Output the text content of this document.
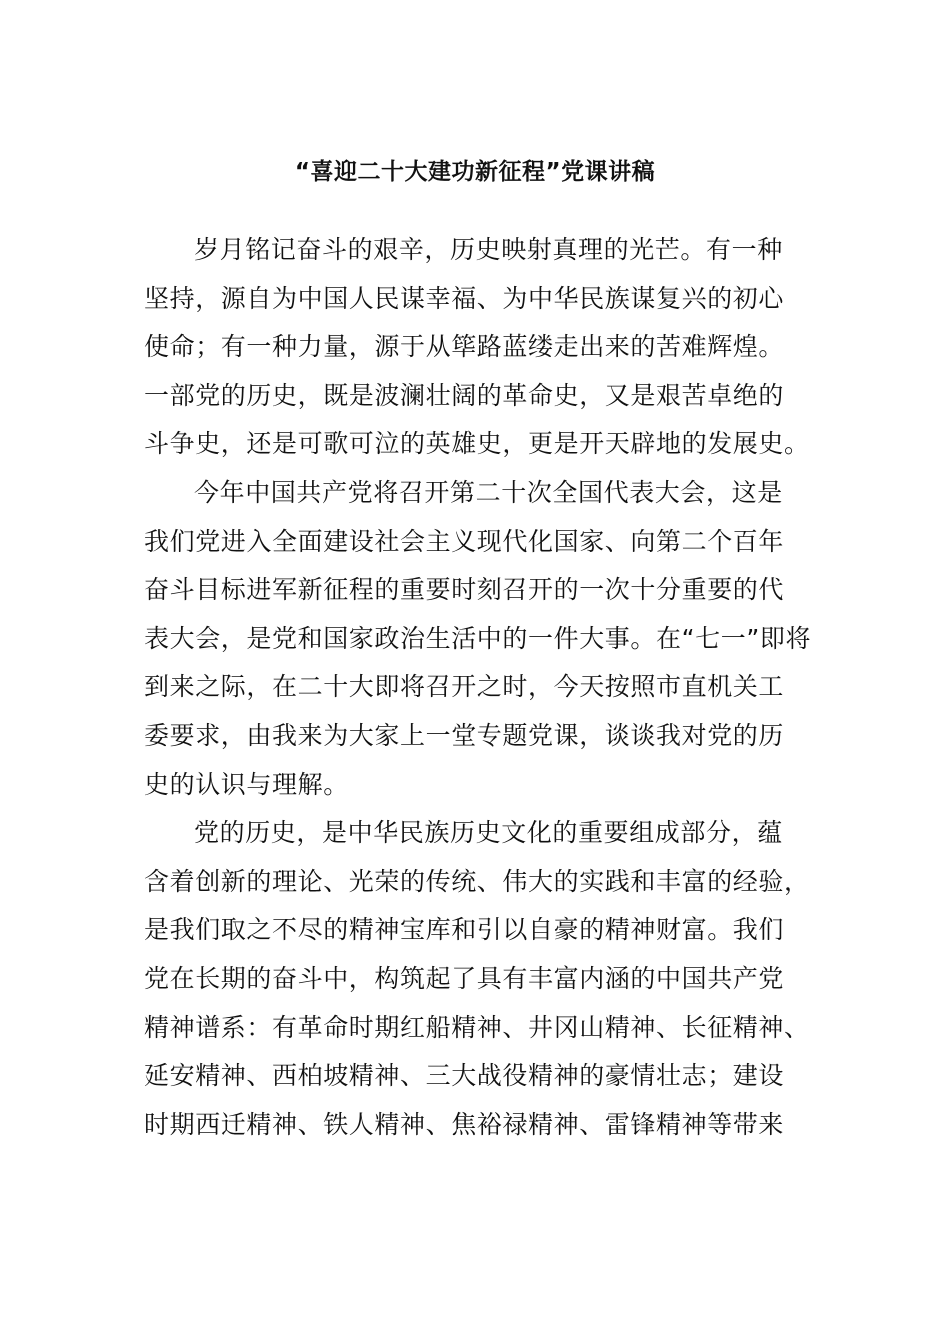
“喜迎二十大建功新征程”党课讲稿
岁月铭记奋斗的艰辛，历史映射真理的光芒。有一种
坚持，源自为中国人民谋幸福、为中华民族谋复兴的初心
使命；有一种力量，源于从筚路蓝缕走出来的苦难辉煌。
一部党的历史，既是波澜壮阔的革命史，又是艰苦卓绝的
斗争史，还是可歌可泣的英雄史，更是开天辟地的发展史。
今年中国共产党将召开第二十次全国代表大会，这是
我们党进入全面建设社会主义现代化国家、向第二个百年
奋斗目标进军新征程的重要时刻召开的一次十分重要的代
表大会，是党和国家政治生活中的一件大事。在“七一”即将
到来之际，在二十大即将召开之时，今天按照市直机关工
委要求，由我来为大家上一堂专题党课，谈谈我对党的历
史的认识与理解。
党的历史，是中华民族历史文化的重要组成部分，蕴
含着创新的理论、光荣的传统、伟大的实践和丰富的经验，
是我们取之不尽的精神宝库和引以自豪的精神财富。我们
党在长期的奋斗中，构筑起了具有丰富内涵的中国共产党
精神谱系：有革命时期红船精神、井冈山精神、长征精神、
延安精神、西柏坡精神、三大战役精神的豪情壮志；建设
时期西迁精神、铁人精神、焦裕禄精神、雷锋精神等带来
